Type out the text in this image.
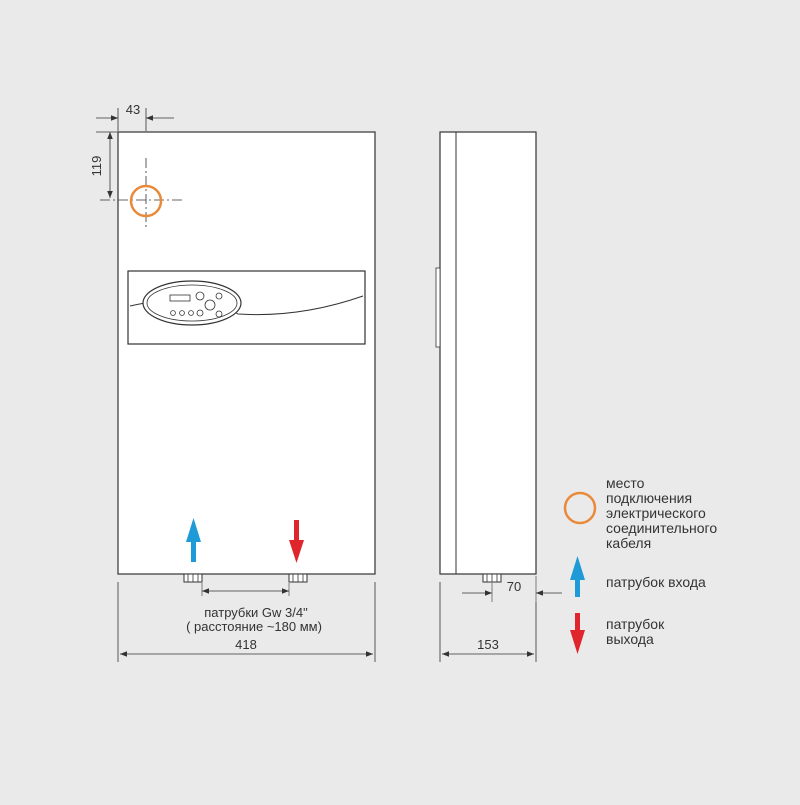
патрубки Gw 3/4"
( расстояние ~180 мм)
418
43
119
70
153
место
подключения
электрического
соединительного
кабеля
патрубок входа
патрубок
выхода
